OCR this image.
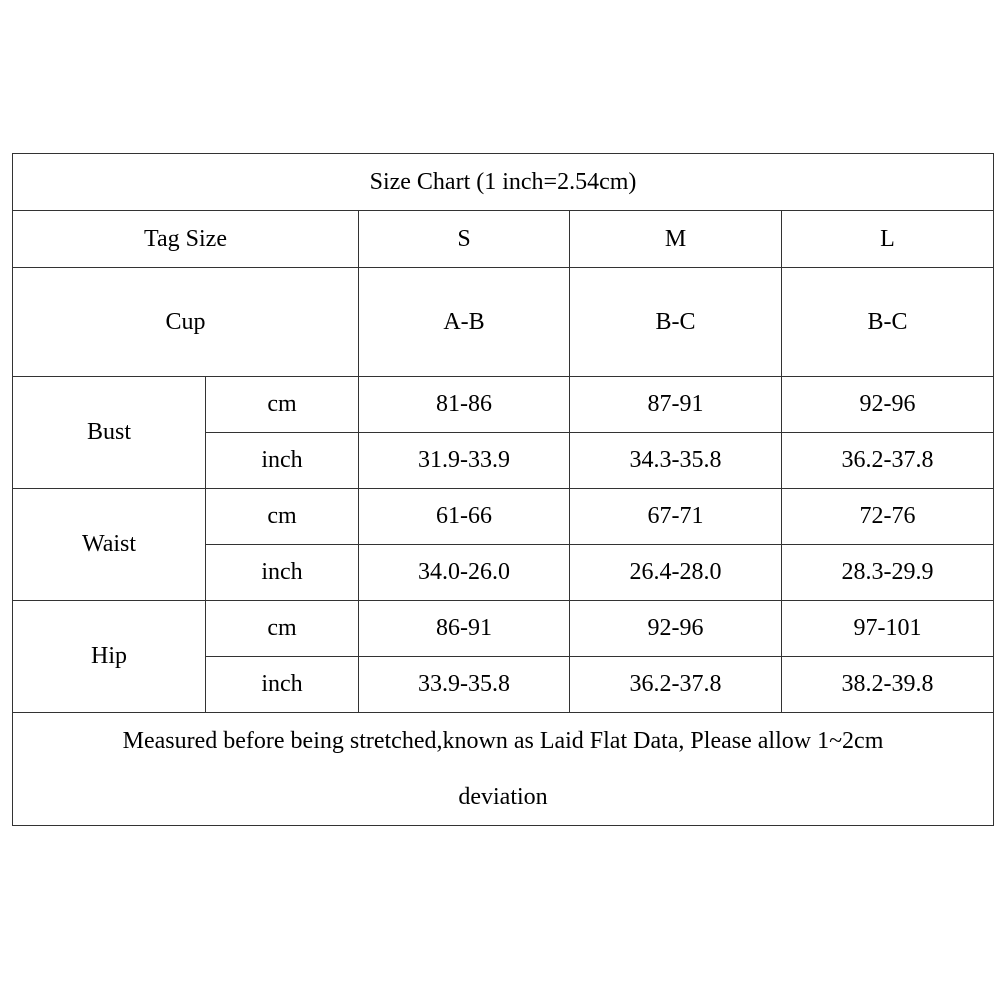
Size Chart (1 inch=2.54cm)				
Tag Size		S	M	L
Cup		A-B	B-C	B-C
Bust	cm	81-86	87-91	92-96
	inch	31.9-33.9	34.3-35.8	36.2-37.8
Waist	cm	61-66	67-71	72-76
	inch	34.0-26.0	26.4-28.0	28.3-29.9
Hip	cm	86-91	92-96	97-101
	inch	33.9-35.8	36.2-37.8	38.2-39.8

Measured before being stretched,known as Laid Flat Data, Please allow 1~2cm
deviation				
